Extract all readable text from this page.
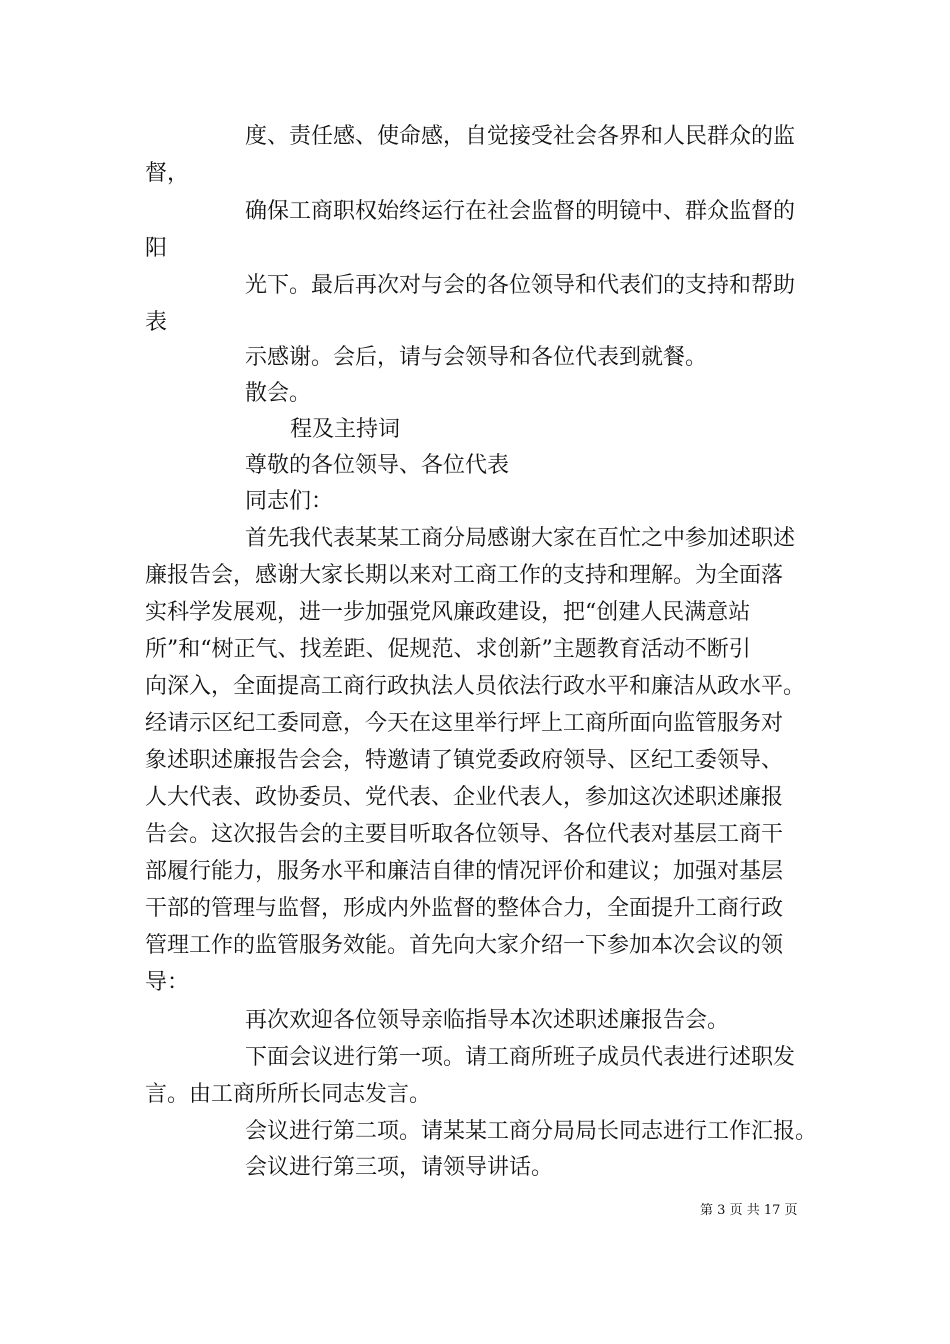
度、责任感、使命感，自觉接受社会各界和人民群众的监
督，
确保工商职权始终运行在社会监督的明镜中、群众监督的
阳
光下。最后再次对与会的各位领导和代表们的支持和帮助
表
示感谢。会后，请与会领导和各位代表到就餐。
散会。
程及主持词
尊敬的各位领导、各位代表
同志们：
首先我代表某某工商分局感谢大家在百忙之中参加述职述
廉报告会，感谢大家长期以来对工商工作的支持和理解。为全面落
实科学发展观，进一步加强党风廉政建设，把“创建人民满意站
所”和“树正气、找差距、促规范、求创新”主题教育活动不断引
向深入，全面提高工商行政执法人员依法行政水平和廉洁从政水平。
经请示区纪工委同意，今天在这里举行坪上工商所面向监管服务对
象述职述廉报告会会，特邀请了镇党委政府领导、区纪工委领导、
人大代表、政协委员、党代表、企业代表人，参加这次述职述廉报
告会。这次报告会的主要目听取各位领导、各位代表对基层工商干
部履行能力，服务水平和廉洁自律的情况评价和建议；加强对基层
干部的管理与监督，形成内外监督的整体合力，全面提升工商行政
管理工作的监管服务效能。首先向大家介绍一下参加本次会议的领
导：
再次欢迎各位领导亲临指导本次述职述廉报告会。
下面会议进行第一项。请工商所班子成员代表进行述职发
言。由工商所所长同志发言。
会议进行第二项。请某某工商分局局长同志进行工作汇报。
会议进行第三项，请领导讲话。
第 3 页 共 17 页
